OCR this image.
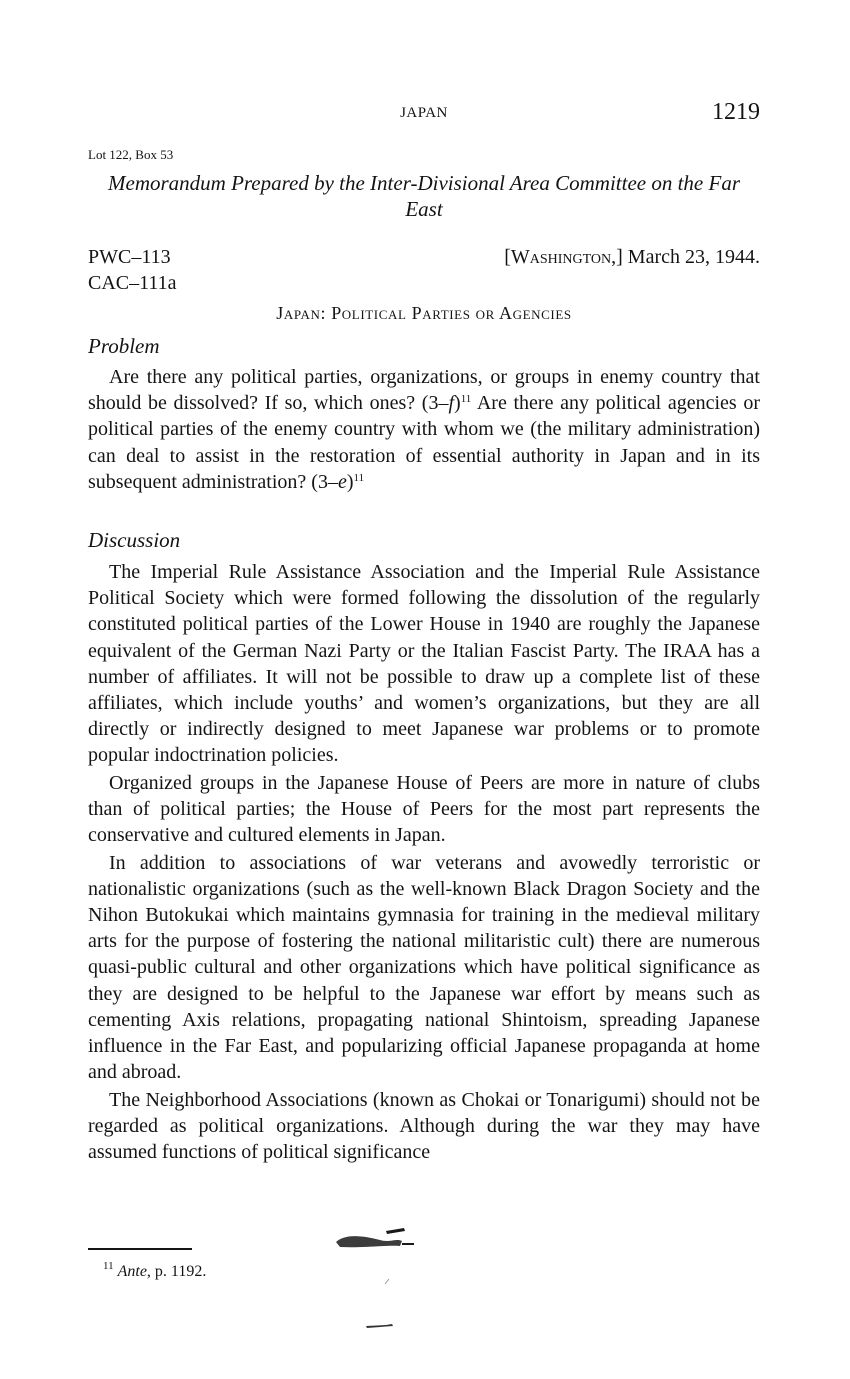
JAPAN	1219
Lot 122, Box 53
Memorandum Prepared by the Inter-Divisional Area Committee on the Far East
PWC–113
CAC–111a
[Washington,] March 23, 1944.
Japan: Political Parties or Agencies
Problem

Are there any political parties, organizations, or groups in enemy country that should be dissolved? If so, which ones? $(3-f)^{11}$ Are there any political agencies or political parties of the enemy country with whom we (the military administration) can deal to assist in the restoration of essential authority in Japan and in its subsequent administration? $(3-e)^{11}$

Discussion

The Imperial Rule Assistance Association and the Imperial Rule Assistance Political Society which were formed following the dissolution of the regularly constituted political parties of the Lower House in 1940 are roughly the Japanese equivalent of the German Nazi Party or the Italian Fascist Party. The IRAA has a number of affiliates. It will not be possible to draw up a complete list of these affiliates, which include youths’ and women’s organizations, but they are all directly or indirectly designed to meet Japanese war problems or to promote popular indoctrination policies.

Organized groups in the Japanese House of Peers are more in nature of clubs than of political parties; the House of Peers for the most part represents the conservative and cultured elements in Japan.

In addition to associations of war veterans and avowedly terroristic or nationalistic organizations (such as the well-known Black Dragon Society and the Nihon Butokukai which maintains gymnasia for training in the medieval military arts for the purpose of fostering the national militaristic cult) there are numerous quasi-public cultural and other organizations which have political significance as they are designed to be helpful to the Japanese war effort by means such as cementing Axis relations, propagating national Shintoism, spreading Japanese influence in the Far East, and popularizing official Japanese propaganda at home and abroad.

The Neighborhood Associations (known as Chokai or Tonarigumi) should not be regarded as political organizations. Although during the war they may have assumed functions of political significance

$^{11}$ Ante, p. 1192.
